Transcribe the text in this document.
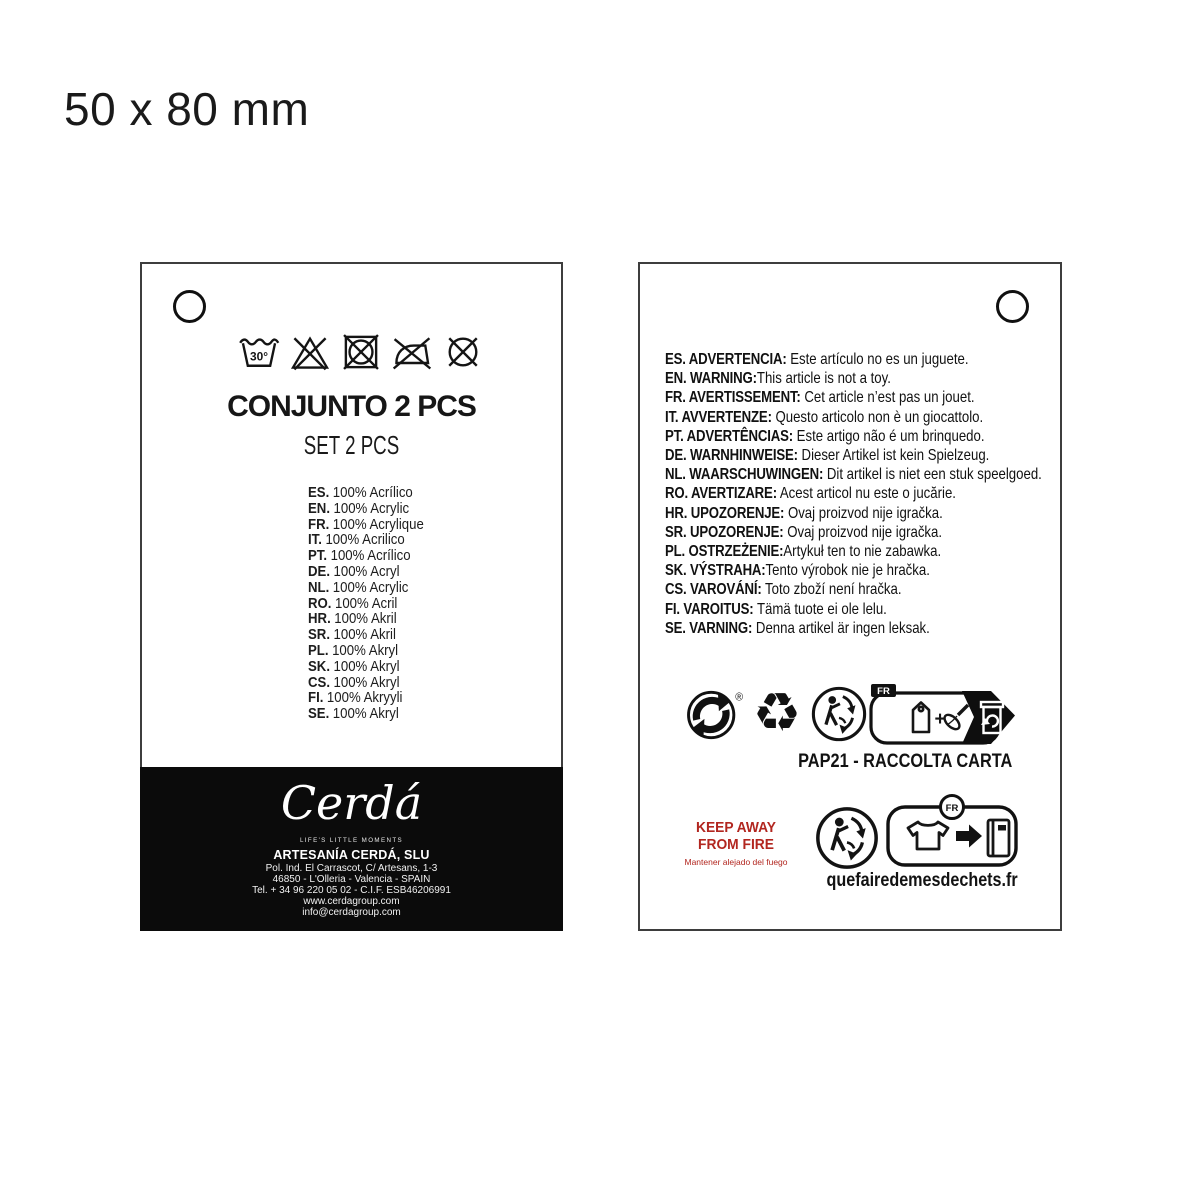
50 x 80 mm
30°
CONJUNTO 2 PCS
SET 2 PCS
ES. 100% Acrílico
EN. 100% Acrylic
FR. 100% Acrylique
IT. 100% Acrilico
PT. 100% Acrílico
DE. 100% Acryl
NL. 100% Acrylic
RO. 100% Acril
HR. 100% Akril
SR. 100% Akril
PL. 100% Akryl
SK. 100% Akryl
CS. 100% Akryl
FI. 100% Akryyli
SE. 100% Akryl
Cerdá
LIFE'S LITTLE MOMENTS
ARTESANÍA CERDÁ, SLU
Pol. Ind. El Carrascot, C/ Artesans, 1-3
46850 - L'Olleria - Valencia - SPAIN
Tel. + 34 96 220 05 02 - C.I.F. ESB46206991
www.cerdagroup.com
info@cerdagroup.com
ES. ADVERTENCIA: Este artículo no es un juguete.
EN. WARNING:This article is not a toy.
FR. AVERTISSEMENT: Cet article n’est pas un jouet.
IT. AVVERTENZE: Questo articolo non è un giocattolo.
PT. ADVERTÊNCIAS: Este artigo não é um brinquedo.
DE. WARNHINWEISE: Dieser Artikel ist kein Spielzeug.
NL. WAARSCHUWINGEN: Dit artikel is niet een stuk speelgoed.
RO. AVERTIZARE: Acest articol nu este o jucărie.
HR. UPOZORENJE: Ovaj proizvod nije igračka.
SR. UPOZORENJE: Ovaj proizvod nije igračka.
PL. OSTRZEŻENIE:Artykuł ten to nie zabawka.
SK. VÝSTRAHA:Tento výrobok nie je hračka.
CS. VAROVÁNÍ: Toto zboží není hračka.
FI. VAROITUS: Tämä tuote ei ole lelu.
SE. VARNING: Denna artikel är ingen leksak.
® ♻	FR
+
PAP21 - RACCOLTA CARTA
KEEP AWAY
FROM FIRE
Mantener alejado del fuego
FR
quefairedemesdechets.fr
